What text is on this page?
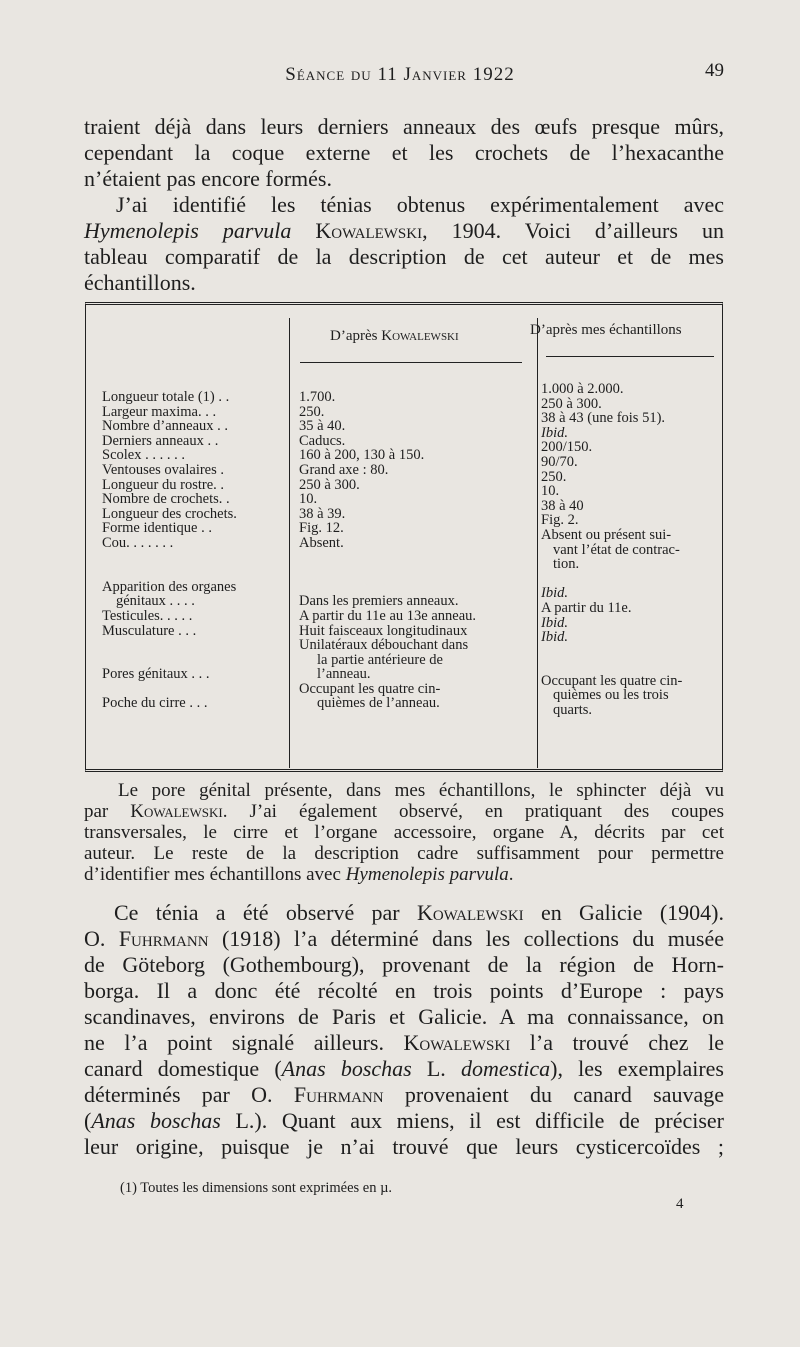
Séance du 11 Janvier 1922	49
traient déjà dans leurs derniers anneaux des œufs presque mûrs,
cependant la coque externe et les crochets de l’hexacanthe
n’étaient pas encore formés.
J’ai identifié les ténias obtenus expérimentalement avec
Hymenolepis parvula Kowalewski, 1904. Voici d’ailleurs un
tableau comparatif de la description de cet auteur et de mes
échantillons.
D’après Kowalewski	D’après mes échantillons
Longueur totale (1) . .
Largeur maxima. . .
Nombre d’anneaux . .
Derniers anneaux . .
Scolex . . . . . .
Ventouses ovalaires .
Longueur du rostre. .
Nombre de crochets. .
Longueur des crochets.
Forme identique . .
Cou. . . . . . .
Apparition des organes
génitaux . . . .
Testicules. . . . .
Musculature . . .
Pores génitaux . . .
Poche du cirre . . .
1.700.
250.
35 à 40.
Caducs.
160 à 200, 130 à 150.
Grand axe : 80.
250 à 300.
10.
38 à 39.
Fig. 12.
Absent.
Dans les premiers anneaux.
A partir du 11e au 13e anneau.
Huit faisceaux longitudinaux
Unilatéraux débouchant dans
la partie antérieure de
l’anneau.
Occupant les quatre cin-
quièmes de l’anneau.
1.000 à 2.000.
250 à 300.
38 à 43 (une fois 51).
Ibid.
200/150.
90/70.
250.
10.
38 à 40
Fig. 2.
Absent ou présent sui-
vant l’état de contrac-
tion.
Ibid.
A partir du 11e.
Ibid.
Ibid.
Occupant les quatre cin-
quièmes ou les trois
quarts.
Le pore génital présente, dans mes échantillons, le sphincter déjà vu
par Kowalewski. J’ai également observé, en pratiquant des coupes
transversales, le cirre et l’organe accessoire, organe A, décrits par cet
auteur. Le reste de la description cadre suffisamment pour permettre
d’identifier mes échantillons avec Hymenolepis parvula.
Ce ténia a été observé par Kowalewski en Galicie (1904).
O. Fuhrmann (1918) l’a déterminé dans les collections du musée
de Göteborg (Gothembourg), provenant de la région de Horn-
borga. Il a donc été récolté en trois points d’Europe : pays
scandinaves, environs de Paris et Galicie. A ma connaissance, on
ne l’a point signalé ailleurs. Kowalewski l’a trouvé chez le
canard domestique (Anas boschas L. domestica), les exemplaires
déterminés par O. Fuhrmann provenaient du canard sauvage
(Anas boschas L.). Quant aux miens, il est difficile de préciser
leur origine, puisque je n’ai trouvé que leurs cysticercoïdes ;
(1) Toutes les dimensions sont exprimées en µ.
4
